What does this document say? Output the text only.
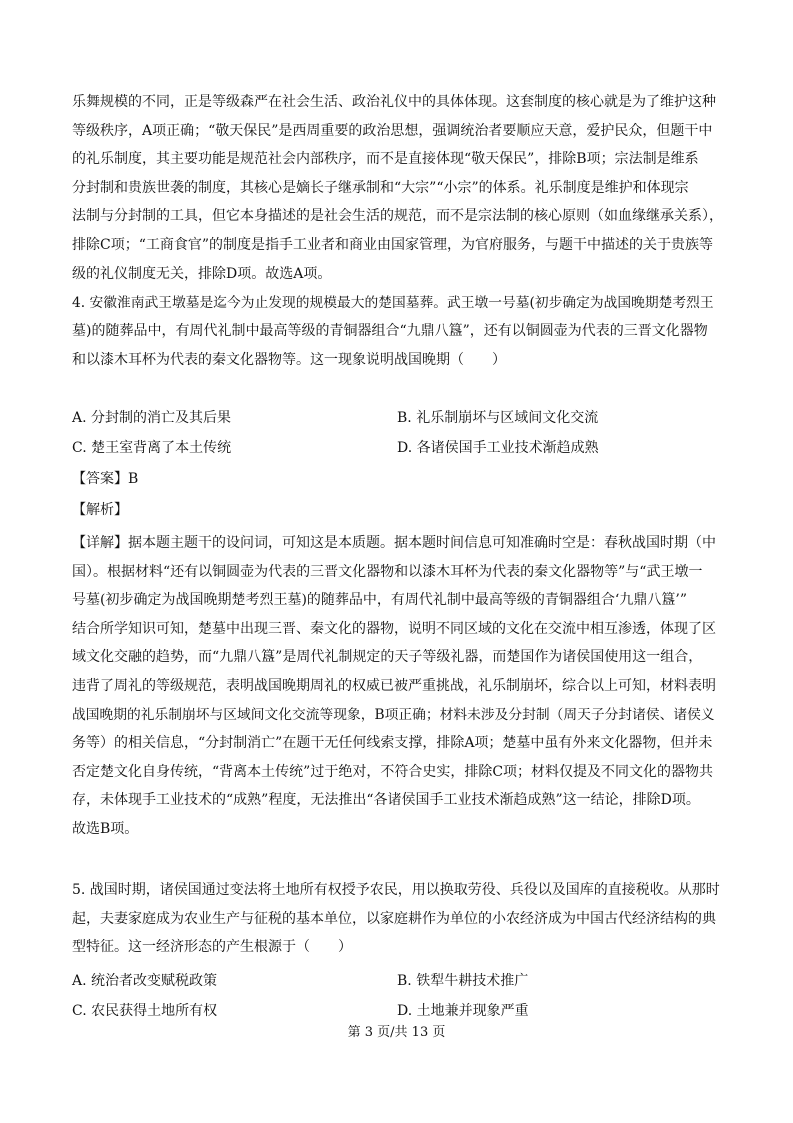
乐舞规模的不同，正是等级森严在社会生活、政治礼仪中的具体体现。这套制度的核心就是为了维护这种
等级秩序，A项正确；“敬天保民”是西周重要的政治思想，强调统治者要顺应天意，爱护民众，但题干中
的礼乐制度，其主要功能是规范社会内部秩序，而不是直接体现“敬天保民”，排除B项；宗法制是维系
分封制和贵族世袭的制度，其核心是嫡长子继承制和“大宗”“小宗”的体系。礼乐制度是维护和体现宗
法制与分封制的工具，但它本身描述的是社会生活的规范，而不是宗法制的核心原则（如血缘继承关系），
排除C项；“工商食官”的制度是指手工业者和商业由国家管理，为官府服务，与题干中描述的关于贵族等
级的礼仪制度无关，排除D项。故选A项。
4. 安徽淮南武王墩墓是迄今为止发现的规模最大的楚国墓葬。武王墩一号墓(初步确定为战国晚期楚考烈王
墓)的随葬品中，有周代礼制中最高等级的青铜器组合“九鼎八簋”，还有以铜圆壶为代表的三晋文化器物
和以漆木耳杯为代表的秦文化器物等。这一现象说明战国晚期（　　）
A. 分封制的消亡及其后果	B. 礼乐制崩坏与区域间文化交流
C. 楚王室背离了本土传统	D. 各诸侯国手工业技术渐趋成熟
【答案】B
【解析】
【详解】据本题主题干的设问词，可知这是本质题。据本题时间信息可知准确时空是：春秋战国时期（中
国）。根据材料“还有以铜圆壶为代表的三晋文化器物和以漆木耳杯为代表的秦文化器物等”与“武王墩一
号墓(初步确定为战国晚期楚考烈王墓)的随葬品中，有周代礼制中最高等级的青铜器组合‘九鼎八簋’”
结合所学知识可知，楚墓中出现三晋、秦文化的器物，说明不同区域的文化在交流中相互渗透，体现了区
域文化交融的趋势，而“九鼎八簋”是周代礼制规定的天子等级礼器，而楚国作为诸侯国使用这一组合，
违背了周礼的等级规范，表明战国晚期周礼的权威已被严重挑战，礼乐制崩坏，综合以上可知，材料表明
战国晚期的礼乐制崩坏与区域间文化交流等现象，B项正确；材料未涉及分封制（周天子分封诸侯、诸侯义
务等）的相关信息，“分封制消亡”在题干无任何线索支撑，排除A项；楚墓中虽有外来文化器物，但并未
否定楚文化自身传统，“背离本土传统”过于绝对，不符合史实，排除C项；材料仅提及不同文化的器物共
存，未体现手工业技术的“成熟”程度，无法推出“各诸侯国手工业技术渐趋成熟”这一结论，排除D项。
故选B项。
5. 战国时期，诸侯国通过变法将土地所有权授予农民，用以换取劳役、兵役以及国库的直接税收。从那时
起，夫妻家庭成为农业生产与征税的基本单位，以家庭耕作为单位的小农经济成为中国古代经济结构的典
型特征。这一经济形态的产生根源于（　　）
A. 统治者改变赋税政策	B. 铁犁牛耕技术推广
C. 农民获得土地所有权	D. 土地兼并现象严重
第 3 页/共 13 页
